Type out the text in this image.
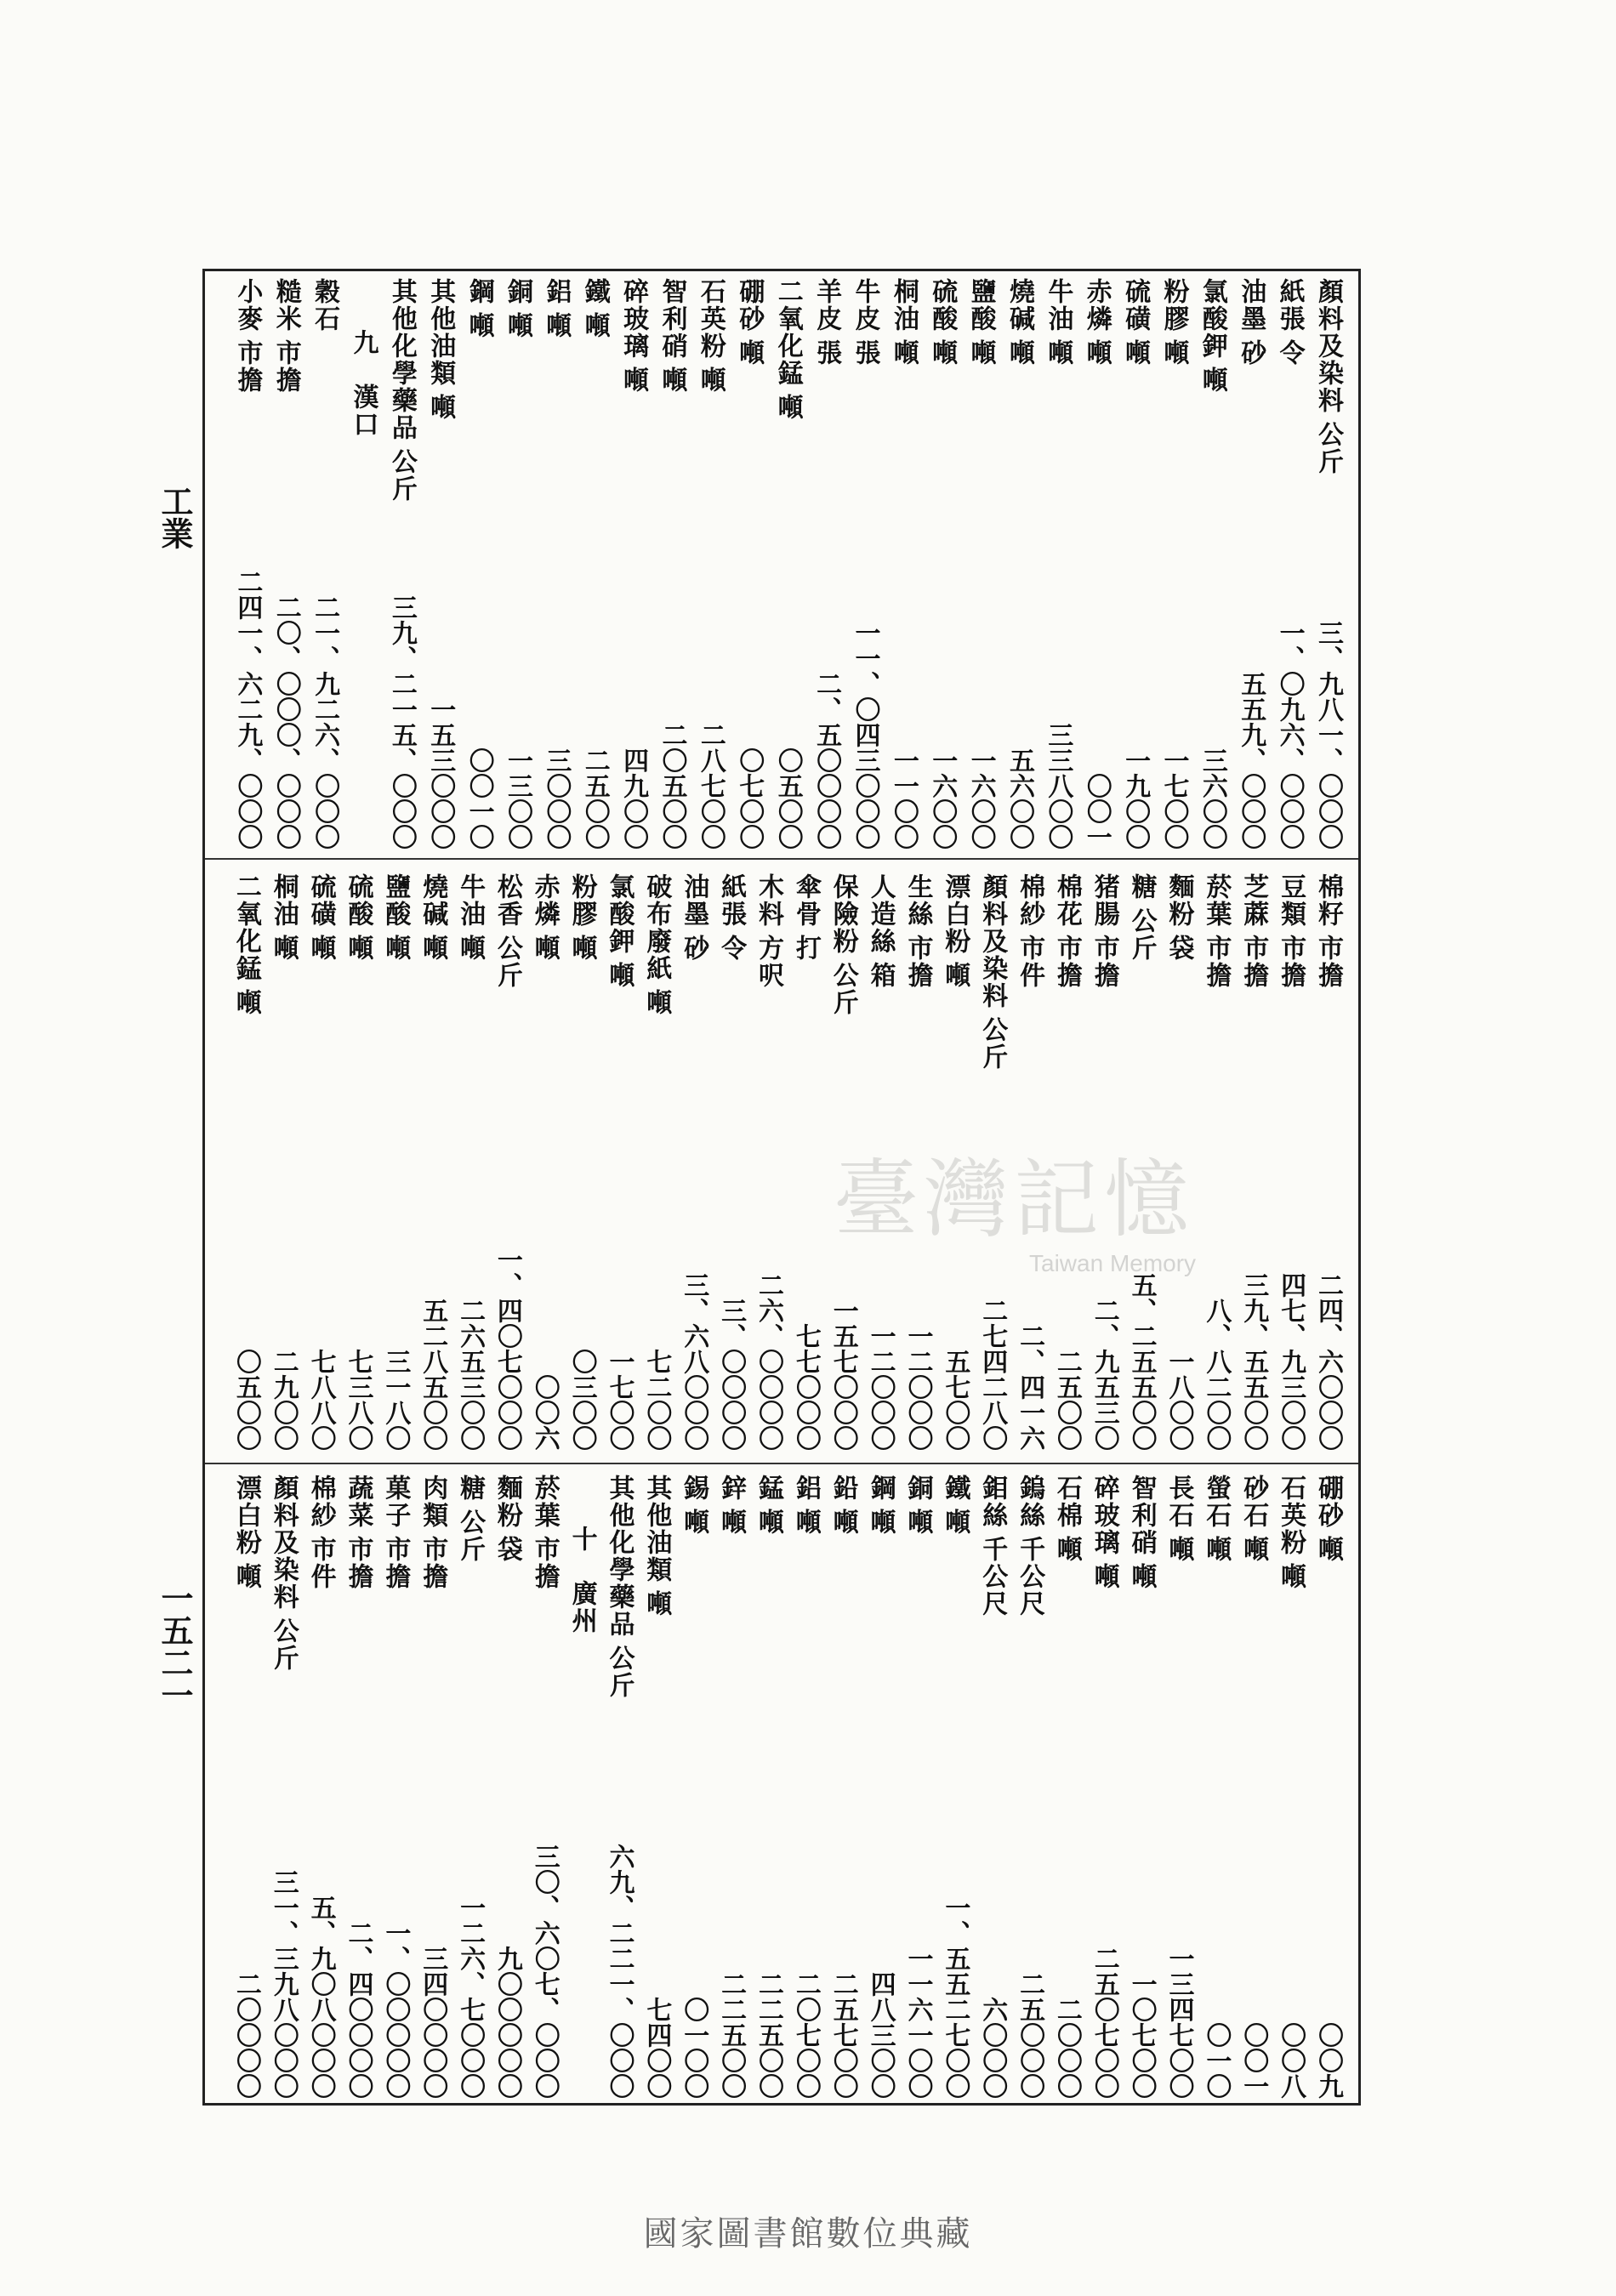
工業
一五二一
顏料及染料
公斤
三、九八一、〇〇〇
紙張
令
一、〇九六、〇〇〇
油墨
砂
五五九、〇〇〇
氯酸鉀
噸
三六〇〇
粉膠
噸
一七〇〇
硫磺
噸
一九〇〇
赤燐
噸
〇〇一
牛油
噸
三三八〇〇
燒碱
噸
五六〇〇
鹽酸
噸
一六〇〇
硫酸
噸
一六〇〇
桐油
噸
一一〇〇
牛皮
張
一一、〇四三〇〇〇
羊皮
張
二、五〇〇〇〇
二氧化錳
噸
〇五〇〇
硼砂
噸
〇七〇〇
石英粉
噸
二八七〇〇
智利硝
噸
二〇五〇〇
碎玻璃
噸
四九〇〇
鐵
噸
二五〇〇
鋁
噸
三〇〇〇
銅
噸
一三〇〇
鋼
噸
〇〇一〇
其他油類
噸
一五三〇〇〇
其他化學藥品
公斤
三九、二一五、〇〇〇
九　漢口
穀石
二一、九二六、〇〇〇
糙米
市擔
二〇、〇〇〇、〇〇〇
小麥
市擔
二四一、六二九、〇〇〇
棉籽
市擔
二四、六〇〇〇
豆類
市擔
四七、九三〇〇
芝蔴
市擔
三九、五五〇〇
菸葉
市擔
八、八二〇〇
麵粉
袋
一八〇〇
糖
公斤
五、二五五〇〇
猪腸
市擔
二、九五三〇
棉花
市擔
二五〇〇
棉紗
市件
二、四一六
顏料及染料
公斤
二七四二八〇
漂白粉
噸
五七〇〇
生絲
市擔
一二〇〇〇
人造絲
箱
一二〇〇〇
保險粉
公斤
一五七〇〇〇
傘骨
打
七七〇〇〇
木料
方呎
二六、〇〇〇〇
紙張
令
三、〇〇〇〇
油墨
砂
三、六八〇〇〇
破布廢紙
噸
七二〇〇
氯酸鉀
噸
一七〇〇
粉膠
噸
〇三〇〇
赤燐
噸
〇〇六
松香
公斤
一、四〇七〇〇〇
牛油
噸
二六五三〇〇
燒碱
噸
五二八五〇〇
鹽酸
噸
三一八〇
硫酸
噸
七三八〇
硫磺
噸
七八八〇
桐油
噸
二九〇〇
二氧化錳
噸
〇五〇〇
硼砂
噸
〇〇九
石英粉
噸
〇〇八
砂石
噸
〇〇一
螢石
噸
〇一〇
長石
噸
一三四七〇〇
智利硝
噸
一〇七〇〇
碎玻璃
噸
二五〇七〇〇
石棉
噸
二〇〇〇
鎢絲
千公尺
二五〇〇〇
鉬絲
千公尺
六〇〇〇
鐵
噸
一、五五二七〇〇
銅
噸
一一六一〇〇
鋼
噸
四八三〇〇
鉛
噸
二五七〇〇
鋁
噸
二〇七〇〇
錳
噸
二二五〇〇
鋅
噸
二二五〇〇
錫
噸
〇一〇〇
其他油類
噸
七四〇〇
其他化學藥品
公斤
六九、二二一、〇〇〇
十　廣州
菸葉
市擔
三〇、六〇七、〇〇〇
麵粉
袋
九〇〇〇〇〇
糖
公斤
一二六、七〇〇〇
肉類
市擔
三四〇〇〇〇
菓子
市擔
一、〇〇〇〇〇
蔬菜
市擔
二、四〇〇〇〇
棉紗
市件
五、九〇八〇〇〇
顏料及染料
公斤
三一、三九八〇〇〇
漂白粉
噸
二〇〇〇〇
臺灣記憶
Taiwan Memory
國家圖書館數位典藏
